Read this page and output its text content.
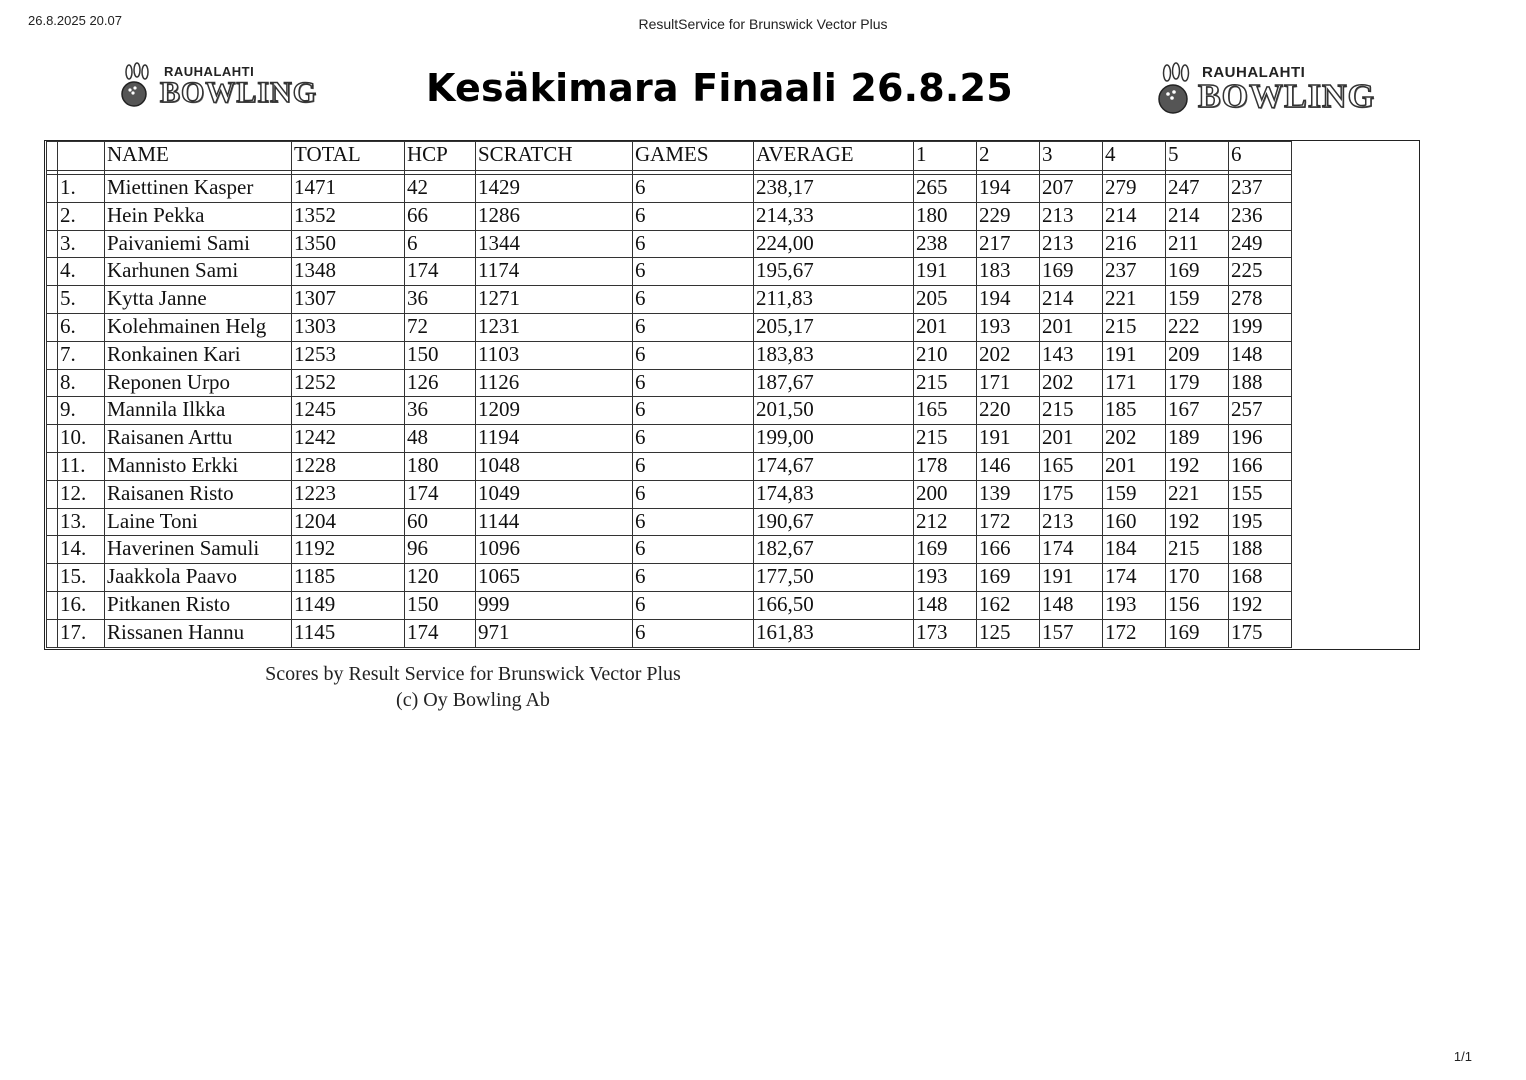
26.8.2025 20.07	ResultService for Brunswick Vector Plus
1/1
RAUHALAHTI
BOWLING	Kesäkimara Finaali 26.8.25	RAUHALAHTI
BOWLING
		NAME	TOTAL	HCP	SCRATCH	GAMES	AVERAGE	1	2	3	4	5	6

	1.	Miettinen Kasper	1471	42	1429	6	238,17	265	194	207	279	247	237
	2.	Hein Pekka	1352	66	1286	6	214,33	180	229	213	214	214	236
	3.	Paivaniemi Sami	1350	6	1344	6	224,00	238	217	213	216	211	249
	4.	Karhunen Sami	1348	174	1174	6	195,67	191	183	169	237	169	225
	5.	Kytta Janne	1307	36	1271	6	211,83	205	194	214	221	159	278
	6.	Kolehmainen Helg	1303	72	1231	6	205,17	201	193	201	215	222	199
	7.	Ronkainen Kari	1253	150	1103	6	183,83	210	202	143	191	209	148
	8.	Reponen Urpo	1252	126	1126	6	187,67	215	171	202	171	179	188
	9.	Mannila Ilkka	1245	36	1209	6	201,50	165	220	215	185	167	257
	10.	Raisanen Arttu	1242	48	1194	6	199,00	215	191	201	202	189	196
	11.	Mannisto Erkki	1228	180	1048	6	174,67	178	146	165	201	192	166
	12.	Raisanen Risto	1223	174	1049	6	174,83	200	139	175	159	221	155
	13.	Laine Toni	1204	60	1144	6	190,67	212	172	213	160	192	195
	14.	Haverinen Samuli	1192	96	1096	6	182,67	169	166	174	184	215	188
	15.	Jaakkola Paavo	1185	120	1065	6	177,50	193	169	191	174	170	168
	16.	Pitkanen Risto	1149	150	999	6	166,50	148	162	148	193	156	192
	17.	Rissanen Hannu	1145	174	971	6	161,83	173	125	157	172	169	175
Scores by Result Service for Brunswick Vector Plus
(c) Oy Bowling Ab
